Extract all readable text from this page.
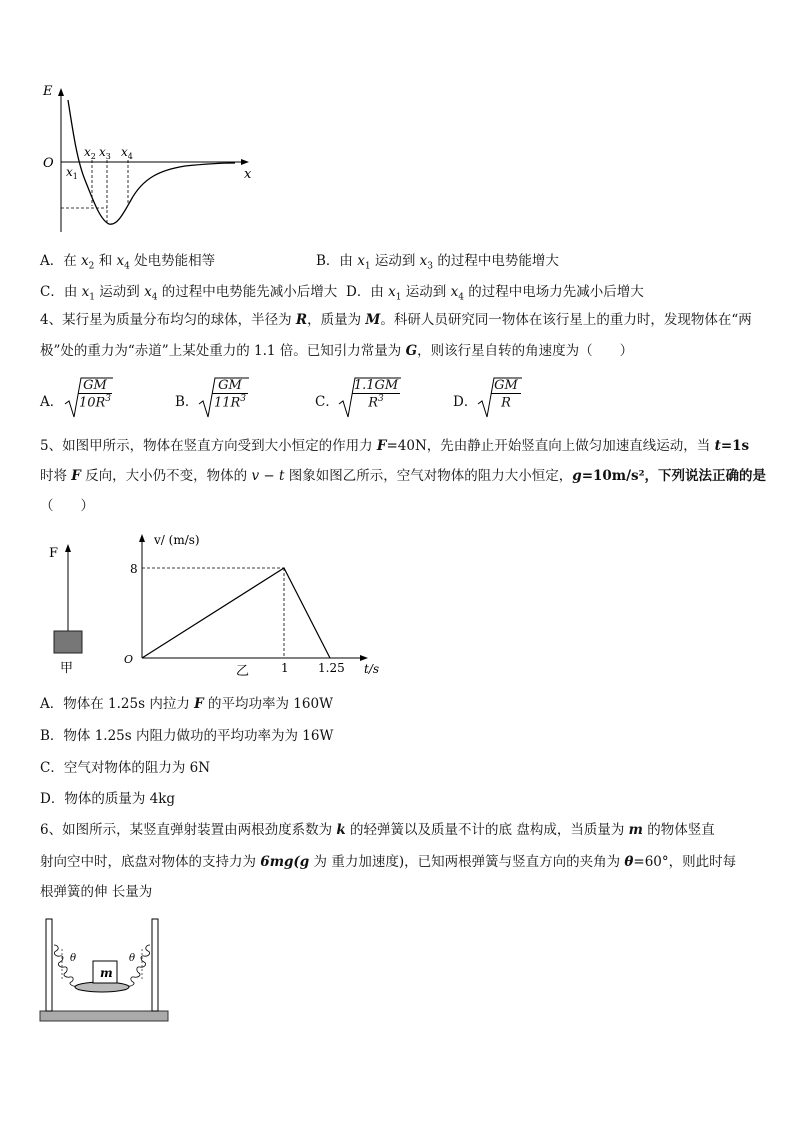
E
x
O
$x_1$
$x_2$ $x_3$ $x_4$
A．在 $x_2$ 和 $x_4$ 处电势能相等	B．由 $x_1$ 运动到 $x_3$ 的过程中电势能增大
C．由 $x_1$ 运动到 $x_4$ 的过程中电势能先减小后增大 D．由 $x_1$ 运动到 $x_4$ 的过程中电场力先减小后增大
4、某行星为质量分布均匀的球体，半径为 R，质量为 M。科研人员研究同一物体在该行星上的重力时，发现物体在“两
极”处的重力为“赤道”上某处重力的 1.1 倍。已知引力常量为 G，则该行星自转的角速度为（　　）
A． $\frac{GM}{10R^3}$	B． $\frac{GM}{11R^3}$	C． $\frac{1.1GM}{R^3}$	D． $\frac{GM}{R}$
5、如图甲所示，物体在竖直方向受到大小恒定的作用力 F=40N，先由静止开始竖直向上做匀加速直线运动，当 t=1s
时将 F 反向，大小仍不变，物体的 v − t 图象如图乙所示，空气对物体的阻力大小恒定，g=10m/s²，下列说法正确的是
（　　）
F
甲
v/ (m/s)
t/s
O
8
1 1.25
乙
A．物体在 1.25s 内拉力 F 的平均功率为 160W
B．物体 1.25s 内阻力做功的平均功率为为 16W
C．空气对物体的阻力为 6N
D．物体的质量为 4kg
6、如图所示，某竖直弹射装置由两根劲度系数为 k 的轻弹簧以及质量不计的底 盘构成，当质量为 m 的物体竖直
射向空中时，底盘对物体的支持力为 6mg(g 为 重力加速度)，已知两根弹簧与竖直方向的夹角为 θ=60°，则此时每
根弹簧的伸 长量为
m
θ	θ
